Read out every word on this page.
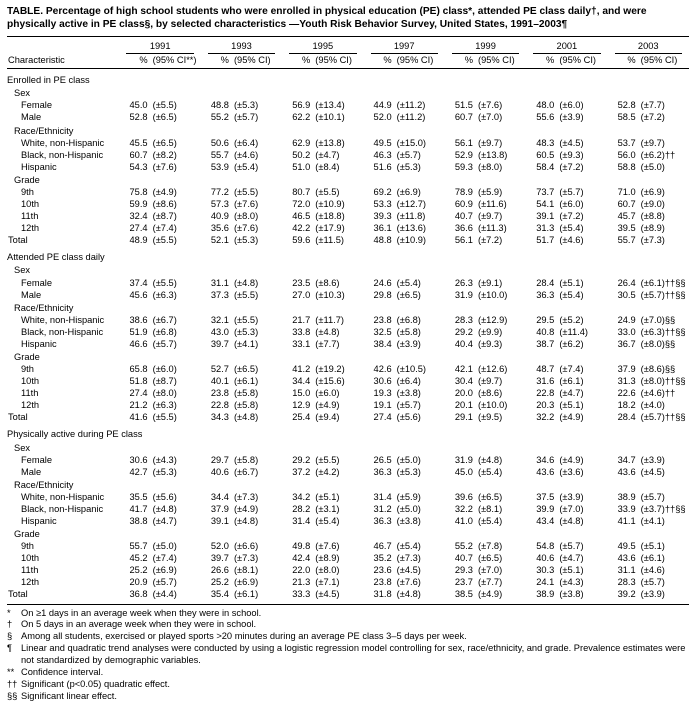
TABLE. Percentage of high school students who were enrolled in physical education (PE) class*, attended PE class daily†, and were physically active in PE class§, by selected characteristics —Youth Risk Behavior Survey, United States, 1991–2003¶

	1991		1993		1995		1997		1999		2001		2003	

Characteristic	%	(95% CI**)	%	(95% CI)	%	(95% CI)	%	(95% CI)	%	(95% CI)	%	(95% CI)	%	(95% CI)
Enrolled in PE class														
Sex														
Female	45.0	(±5.5)	48.8	(±5.3)	56.9	(±13.4)	44.9	(±11.2)	51.5	(±7.6)	48.0	(±6.0)	52.8	(±7.7)
Male	52.8	(±6.5)	55.2	(±5.7)	62.2	(±10.1)	52.0	(±11.2)	60.7	(±7.0)	55.6	(±3.9)	58.5	(±7.2)
Race/Ethnicity														
White, non-Hispanic	45.5	(±6.5)	50.6	(±6.4)	62.9	(±13.8)	49.5	(±15.0)	56.1	(±9.7)	48.3	(±4.5)	53.7	(±9.7)
Black, non-Hispanic	60.7	(±8.2)	55.7	(±4.6)	50.2	(±4.7)	46.3	(±5.7)	52.9	(±13.8)	60.5	(±9.3)	56.0	(±6.2)††
Hispanic	54.3	(±7.6)	53.9	(±5.4)	51.0	(±8.4)	51.6	(±5.3)	59.3	(±8.0)	58.4	(±7.2)	58.8	(±5.0)
Grade														
9th	75.8	(±4.9)	77.2	(±5.5)	80.7	(±5.5)	69.2	(±6.9)	78.9	(±5.9)	73.7	(±5.7)	71.0	(±6.9)
10th	59.9	(±8.6)	57.3	(±7.6)	72.0	(±10.9)	53.3	(±12.7)	60.9	(±11.6)	54.1	(±6.0)	60.7	(±9.0)
11th	32.4	(±8.7)	40.9	(±8.0)	46.5	(±18.8)	39.3	(±11.8)	40.7	(±9.7)	39.1	(±7.2)	45.7	(±8.8)
12th	27.4	(±7.4)	35.6	(±7.6)	42.2	(±17.9)	36.1	(±13.6)	36.6	(±11.3)	31.3	(±5.4)	39.5	(±8.9)
Total	48.9	(±5.5)	52.1	(±5.3)	59.6	(±11.5)	48.8	(±10.9)	56.1	(±7.2)	51.7	(±4.6)	55.7	(±7.3)
Attended PE class daily														
Sex														
Female	37.4	(±5.5)	31.1	(±4.8)	23.5	(±8.6)	24.6	(±5.4)	26.3	(±9.1)	28.4	(±5.1)	26.4	(±6.1)††§§
Male	45.6	(±6.3)	37.3	(±5.5)	27.0	(±10.3)	29.8	(±6.5)	31.9	(±10.0)	36.3	(±5.4)	30.5	(±5.7)††§§
Race/Ethnicity														
White, non-Hispanic	38.6	(±6.7)	32.1	(±5.5)	21.7	(±11.7)	23.8	(±6.8)	28.3	(±12.9)	29.5	(±5.2)	24.9	(±7.0)§§
Black, non-Hispanic	51.9	(±6.8)	43.0	(±5.3)	33.8	(±4.8)	32.5	(±5.8)	29.2	(±9.9)	40.8	(±11.4)	33.0	(±6.3)††§§
Hispanic	46.6	(±5.7)	39.7	(±4.1)	33.1	(±7.7)	38.4	(±3.9)	40.4	(±9.3)	38.7	(±6.2)	36.7	(±8.0)§§
Grade														
9th	65.8	(±6.0)	52.7	(±6.5)	41.2	(±19.2)	42.6	(±10.5)	42.1	(±12.6)	48.7	(±7.4)	37.9	(±8.6)§§
10th	51.8	(±8.7)	40.1	(±6.1)	34.4	(±15.6)	30.6	(±6.4)	30.4	(±9.7)	31.6	(±6.1)	31.3	(±8.0)††§§
11th	27.4	(±8.0)	23.8	(±5.8)	15.0	(±6.0)	19.3	(±3.8)	20.0	(±8.6)	22.8	(±4.7)	22.6	(±4.6)††
12th	21.2	(±6.3)	22.8	(±5.8)	12.9	(±4.9)	19.1	(±5.7)	20.1	(±10.0)	20.3	(±5.1)	18.2	(±4.0)
Total	41.6	(±5.5)	34.3	(±4.8)	25.4	(±9.4)	27.4	(±5.6)	29.1	(±9.5)	32.2	(±4.9)	28.4	(±5.7)††§§
Physically active during PE class														
Sex														
Female	30.6	(±4.3)	29.7	(±5.8)	29.2	(±5.5)	26.5	(±5.0)	31.9	(±4.8)	34.6	(±4.9)	34.7	(±3.9)
Male	42.7	(±5.3)	40.6	(±6.7)	37.2	(±4.2)	36.3	(±5.3)	45.0	(±5.4)	43.6	(±3.6)	43.6	(±4.5)
Race/Ethnicity														
White, non-Hispanic	35.5	(±5.6)	34.4	(±7.3)	34.2	(±5.1)	31.4	(±5.9)	39.6	(±6.5)	37.5	(±3.9)	38.9	(±5.7)
Black, non-Hispanic	41.7	(±4.8)	37.9	(±4.9)	28.2	(±3.1)	31.2	(±5.0)	32.2	(±8.1)	39.9	(±7.0)	33.9	(±3.7)††§§
Hispanic	38.8	(±4.7)	39.1	(±4.8)	31.4	(±5.4)	36.3	(±3.8)	41.0	(±5.4)	43.4	(±4.8)	41.1	(±4.1)
Grade														
9th	55.7	(±5.0)	52.0	(±6.6)	49.8	(±7.6)	46.7	(±5.4)	55.2	(±7.8)	54.8	(±5.7)	49.5	(±5.1)
10th	45.2	(±7.4)	39.7	(±7.3)	42.4	(±8.9)	35.2	(±7.3)	40.7	(±6.5)	40.6	(±4.7)	43.6	(±6.1)
11th	25.2	(±6.9)	26.6	(±8.1)	22.0	(±8.0)	23.6	(±4.5)	29.3	(±7.0)	30.3	(±5.1)	31.1	(±4.6)
12th	20.9	(±5.7)	25.2	(±6.9)	21.3	(±7.1)	23.8	(±7.6)	23.7	(±7.7)	24.1	(±4.3)	28.3	(±5.7)
Total	36.8	(±4.4)	35.4	(±6.1)	33.3	(±4.5)	31.8	(±4.8)	38.5	(±4.9)	38.9	(±3.8)	39.2	(±3.9)
*	On ≥1 days in an average week when they were in school.
† On 5 days in an average week when they were in school.
§ Among all students, exercised or played sports >20 minutes during an average PE class 3–5 days per week.
¶ Linear and quadratic trend analyses were conducted by using a logistic regression model controlling for sex, race/ethnicity, and grade. Prevalence estimates were not standardized by demographic variables.
** Confidence interval.
†† Significant (p<0.05) quadratic effect.
§§ Significant linear effect.
